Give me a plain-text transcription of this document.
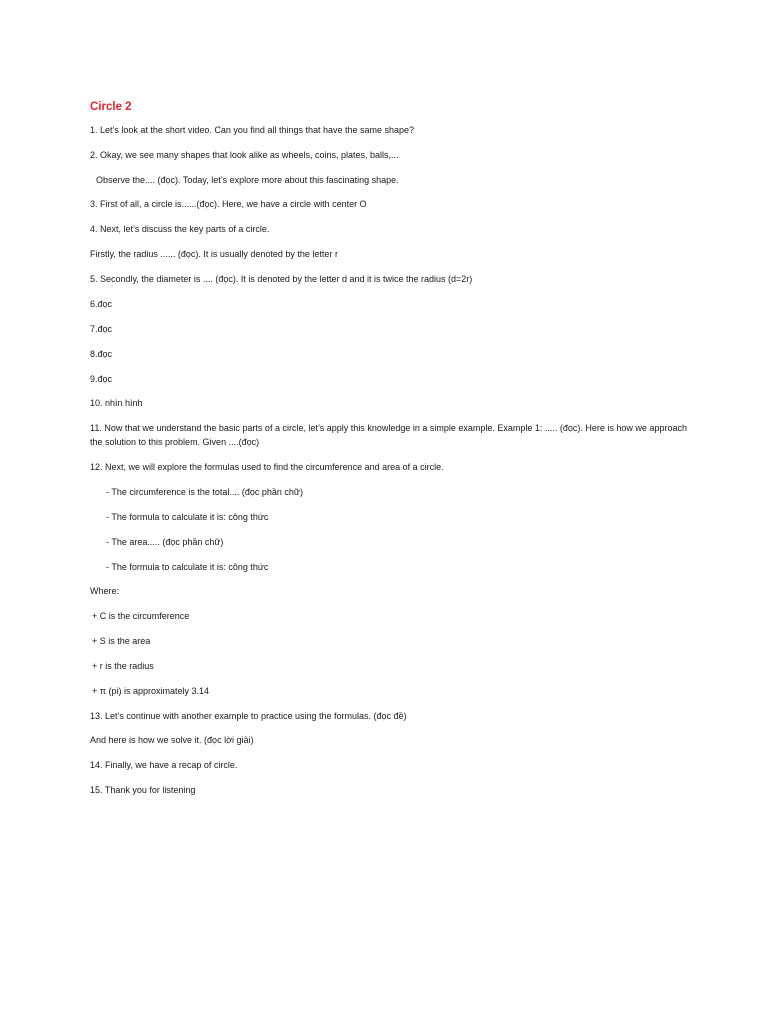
Circle 2
1. Let’s look at the short video. Can you find all things that have the same shape?
2. Okay, we see many shapes that look alike as wheels, coins, plates, balls,...
Observe the.... (đọc). Today, let’s explore more about this fascinating shape.
3. First of all, a circle is......(đọc). Here, we have a circle with center O
4. Next, let’s discuss the key parts of a circle.
Firstly, the radius ...... (đọc). It is usually denoted by the letter r
5. Secondly, the diameter is .... (đọc). It is denoted by the letter d and it is twice the radius (d=2r)
6.đọc
7.đọc
8.đọc
9.đọc
10. nhìn hình
11. Now that we understand the basic parts of a circle, let’s apply this knowledge in a simple example. Example 1: ..... (đọc). Here is how we approach the solution to this problem. Given ....(đọc)
12. Next, we will explore the formulas used to find the circumference and area of a circle.
- The circumference is the total.... (đọc phần chữ)
- The formula to calculate it is: công thức
- The area..... (đọc phần chữ)
- The formula to calculate it is: công thức
Where:
+ C is the circumference
+ S is the area
+ r is the radius
+ π (pi) is approximately 3.14
13. Let’s continue with another example to practice using the formulas. (đọc đề)
And here is how we solve it. (đọc lời giải)
14. Finally, we have a recap of circle.
15. Thank you for listening
